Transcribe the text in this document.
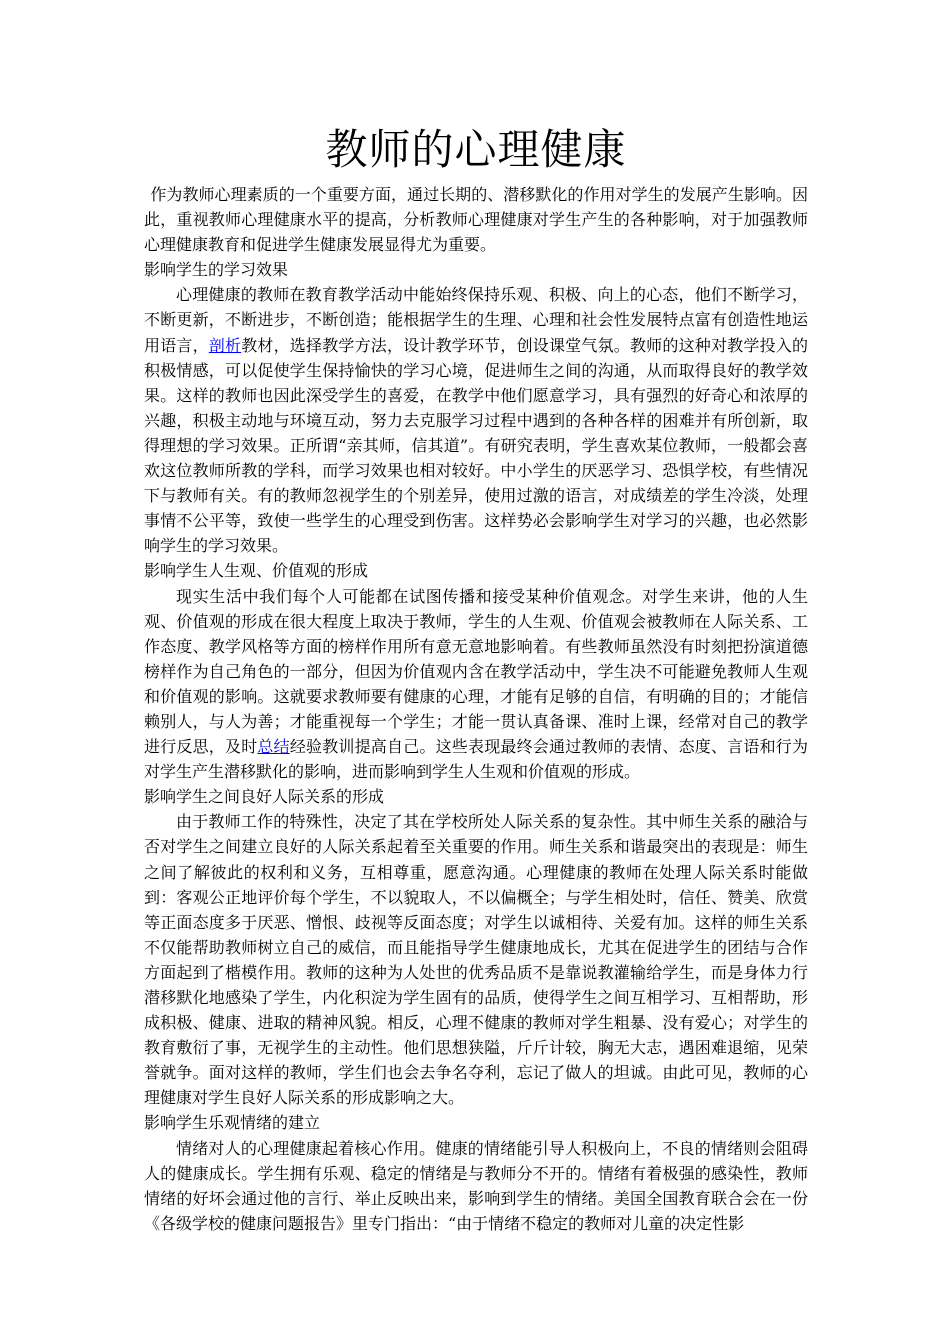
教师的心理健康

作为教师心理素质的一个重要方面，通过长期的、潜移默化的作用对学生的发展产生影响。因此，重视教师心理健康水平的提高，分析教师心理健康对学生产生的各种影响，对于加强教师心理健康教育和促进学生健康发展显得尤为重要。

影响学生的学习效果

心理健康的教师在教育教学活动中能始终保持乐观、积极、向上的心态，他们不断学习，不断更新，不断进步，不断创造；能根据学生的生理、心理和社会性发展特点富有创造性地运用语言，剖析教材，选择教学方法，设计教学环节，创设课堂气氛。教师的这种对教学投入的积极情感，可以促使学生保持愉快的学习心境，促进师生之间的沟通，从而取得良好的教学效果。这样的教师也因此深受学生的喜爱，在教学中他们愿意学习，具有强烈的好奇心和浓厚的兴趣，积极主动地与环境互动，努力去克服学习过程中遇到的各种各样的困难并有所创新，取得理想的学习效果。正所谓“亲其师，信其道”。有研究表明，学生喜欢某位教师，一般都会喜欢这位教师所教的学科，而学习效果也相对较好。中小学生的厌恶学习、恐惧学校，有些情况下与教师有关。有的教师忽视学生的个别差异，使用过激的语言，对成绩差的学生冷淡，处理事情不公平等，致使一些学生的心理受到伤害。这样势必会影响学生对学习的兴趣，也必然影响学生的学习效果。

影响学生人生观、价值观的形成

现实生活中我们每个人可能都在试图传播和接受某种价值观念。对学生来讲，他的人生观、价值观的形成在很大程度上取决于教师，学生的人生观、价值观会被教师在人际关系、工作态度、教学风格等方面的榜样作用所有意无意地影响着。有些教师虽然没有时刻把扮演道德榜样作为自己角色的一部分，但因为价值观内含在教学活动中，学生决不可能避免教师人生观和价值观的影响。这就要求教师要有健康的心理，才能有足够的自信，有明确的目的；才能信赖别人，与人为善；才能重视每一个学生；才能一贯认真备课、准时上课，经常对自己的教学进行反思，及时总结经验教训提高自己。这些表现最终会通过教师的表情、态度、言语和行为对学生产生潜移默化的影响，进而影响到学生人生观和价值观的形成。

影响学生之间良好人际关系的形成

由于教师工作的特殊性，决定了其在学校所处人际关系的复杂性。其中师生关系的融洽与否对学生之间建立良好的人际关系起着至关重要的作用。师生关系和谐最突出的表现是：师生之间了解彼此的权利和义务，互相尊重，愿意沟通。心理健康的教师在处理人际关系时能做到：客观公正地评价每个学生，不以貌取人，不以偏概全；与学生相处时，信任、赞美、欣赏等正面态度多于厌恶、憎恨、歧视等反面态度；对学生以诚相待、关爱有加。这样的师生关系不仅能帮助教师树立自己的威信，而且能指导学生健康地成长，尤其在促进学生的团结与合作方面起到了楷模作用。教师的这种为人处世的优秀品质不是靠说教灌输给学生，而是身体力行潜移默化地感染了学生，内化积淀为学生固有的品质，使得学生之间互相学习、互相帮助，形成积极、健康、进取的精神风貌。相反，心理不健康的教师对学生粗暴、没有爱心；对学生的教育敷衍了事，无视学生的主动性。他们思想狭隘，斤斤计较，胸无大志，遇困难退缩，见荣誉就争。面对这样的教师，学生们也会去争名夺利，忘记了做人的坦诚。由此可见，教师的心理健康对学生良好人际关系的形成影响之大。

影响学生乐观情绪的建立

情绪对人的心理健康起着核心作用。健康的情绪能引导人积极向上，不良的情绪则会阻碍人的健康成长。学生拥有乐观、稳定的情绪是与教师分不开的。情绪有着极强的感染性，教师情绪的好坏会通过他的言行、举止反映出来，影响到学生的情绪。美国全国教育联合会在一份《各级学校的健康问题报告》里专门指出：“由于情绪不稳定的教师对儿童的决定性影
